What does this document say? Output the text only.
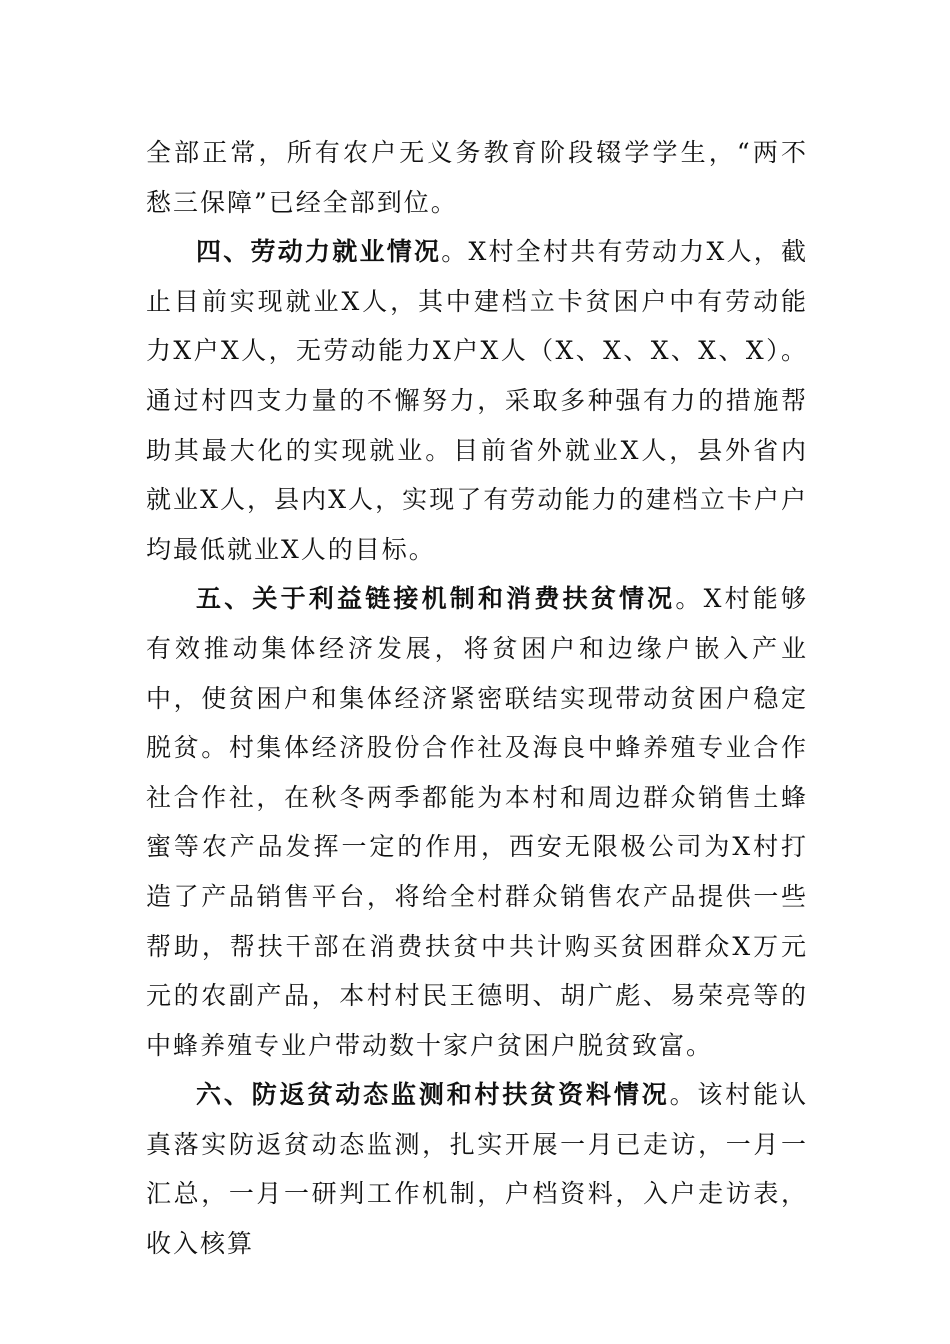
全部正常，所有农户无义务教育阶段辍学学生，“两不愁三保障”已经全部到位。

四、劳动力就业情况。X村全村共有劳动力X人，截止目前实现就业X人，其中建档立卡贫困户中有劳动能力X户X人，无劳动能力X户X人（X、X、X、X、X）。通过村四支力量的不懈努力，采取多种强有力的措施帮助其最大化的实现就业。目前省外就业X人，县外省内就业X人，县内X人，实现了有劳动能力的建档立卡户户均最低就业X人的目标。

五、关于利益链接机制和消费扶贫情况。X村能够有效推动集体经济发展，将贫困户和边缘户嵌入产业中，使贫困户和集体经济紧密联结实现带动贫困户稳定脱贫。村集体经济股份合作社及海良中蜂养殖专业合作社合作社，在秋冬两季都能为本村和周边群众销售土蜂蜜等农产品发挥一定的作用，西安无限极公司为X村打造了产品销售平台，将给全村群众销售农产品提供一些帮助，帮扶干部在消费扶贫中共计购买贫困群众X万元元的农副产品，本村村民王德明、胡广彪、易荣亮等的中蜂养殖专业户带动数十家户贫困户脱贫致富。

六、防返贫动态监测和村扶贫资料情况。该村能认真落实防返贫动态监测，扎实开展一月已走访，一月一汇总，一月一研判工作机制，户档资料，入户走访表，收入核算
